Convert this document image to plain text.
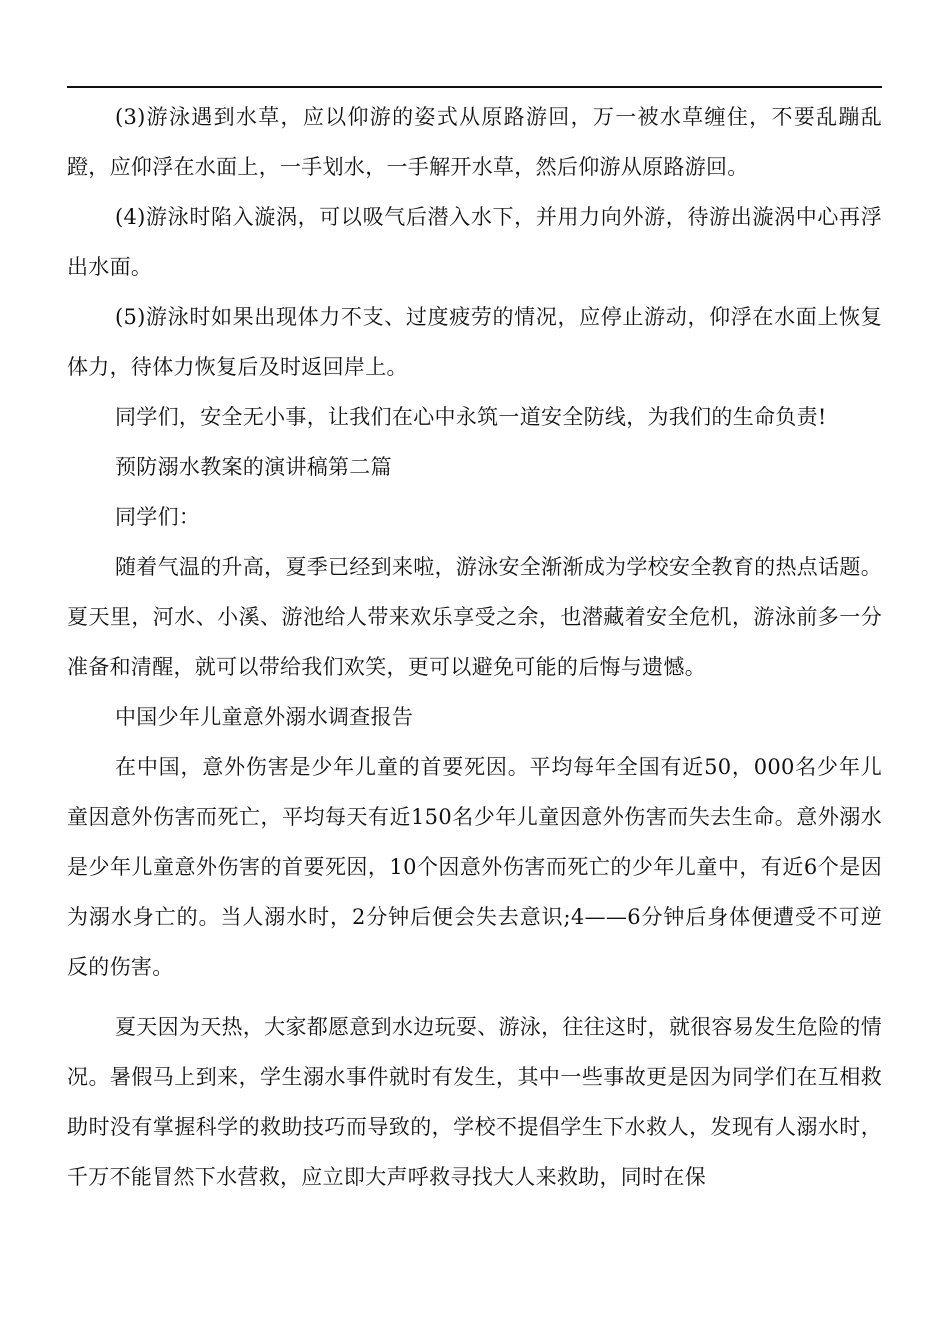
(3)游泳遇到水草，应以仰游的姿式从原路游回，万一被水草缠住，不要乱蹦乱蹬，应仰浮在水面上，一手划水，一手解开水草，然后仰游从原路游回。

(4)游泳时陷入漩涡，可以吸气后潜入水下，并用力向外游，待游出漩涡中心再浮出水面。

(5)游泳时如果出现体力不支、过度疲劳的情况，应停止游动，仰浮在水面上恢复体力，待体力恢复后及时返回岸上。

同学们，安全无小事，让我们在心中永筑一道安全防线，为我们的生命负责!

预防溺水教案的演讲稿第二篇

同学们：

随着气温的升高，夏季已经到来啦，游泳安全渐渐成为学校安全教育的热点话题。夏天里，河水、小溪、游池给人带来欢乐享受之余，也潜藏着安全危机，游泳前多一分准备和清醒，就可以带给我们欢笑，更可以避免可能的后悔与遗憾。

中国少年儿童意外溺水调查报告

在中国，意外伤害是少年儿童的首要死因。平均每年全国有近50，000名少年儿童因意外伤害而死亡，平均每天有近150名少年儿童因意外伤害而失去生命。意外溺水是少年儿童意外伤害的首要死因，10个因意外伤害而死亡的少年儿童中，有近6个是因为溺水身亡的。当人溺水时，2分钟后便会失去意识;4——6分钟后身体便遭受不可逆反的伤害。

夏天因为天热，大家都愿意到水边玩耍、游泳，往往这时，就很容易发生危险的情况。暑假马上到来，学生溺水事件就时有发生，其中一些事故更是因为同学们在互相救助时没有掌握科学的救助技巧而导致的，学校不提倡学生下水救人，发现有人溺水时，千万不能冒然下水营救，应立即大声呼救寻找大人来救助，同时在保
